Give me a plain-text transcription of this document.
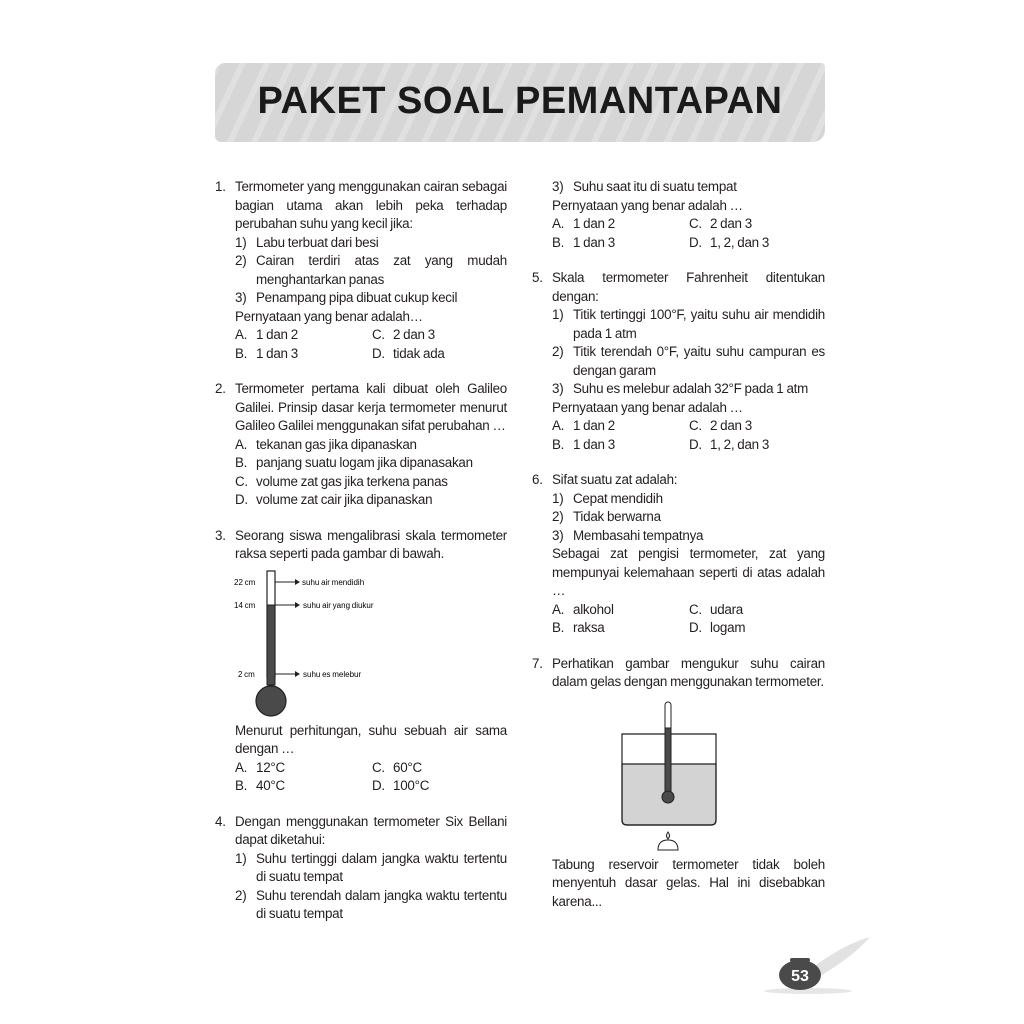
PAKET SOAL PEMANTAPAN
1. Termometer yang menggunakan cairan sebagai bagian utama akan lebih peka terhadap perubahan suhu yang kecil jika:
1) Labu terbuat dari besi
2) Cairan terdiri atas zat yang mudah menghantarkan panas
3) Penampang pipa dibuat cukup kecil
Pernyataan yang benar adalah…
A. 1 dan 2	C. 2 dan 3
B. 1 dan 3	D. tidak ada
2. Termometer pertama kali dibuat oleh Galileo Galilei. Prinsip dasar kerja termometer menurut Galileo Galilei menggunakan sifat perubahan …
A. tekanan gas jika dipanaskan
B. panjang suatu logam jika dipanasakan
C. volume zat gas jika terkena panas
D. volume zat cair jika dipanaskan
3. Seorang siswa mengalibrasi skala termometer raksa seperti pada gambar di bawah.
22 cm
14 cm
2 cm
suhu air mendidih
suhu air yang diukur
suhu es melebur
Menurut perhitungan, suhu sebuah air sama dengan …
A. 12°C	C. 60°C
B. 40°C	D. 100°C
4. Dengan menggunakan termometer Six Bellani dapat diketahui:
1) Suhu tertinggi dalam jangka waktu tertentu di suatu tempat
2) Suhu terendah dalam jangka waktu tertentu di suatu tempat
3) Suhu saat itu di suatu tempat
Pernyataan yang benar adalah …
A. 1 dan 2	C. 2 dan 3
B. 1 dan 3	D. 1, 2, dan 3
5. Skala termometer Fahrenheit ditentukan dengan:
1) Titik tertinggi 100°F, yaitu suhu air mendidih pada 1 atm
2) Titik terendah 0°F, yaitu suhu campuran es dengan garam
3) Suhu es melebur adalah 32°F pada 1 atm
Pernyataan yang benar adalah …
A. 1 dan 2	C. 2 dan 3
B. 1 dan 3	D. 1, 2, dan 3
6. Sifat suatu zat adalah:
1) Cepat mendidih
2) Tidak berwarna
3) Membasahi tempatnya
Sebagai zat pengisi termometer, zat yang mempunyai kelemahaan seperti di atas adalah …
A. alkohol	C. udara
B. raksa	D. logam
7. Perhatikan gambar mengukur suhu cairan dalam gelas dengan menggunakan termometer.
Tabung reservoir termometer tidak boleh menyentuh dasar gelas. Hal ini disebabkan karena...
53
